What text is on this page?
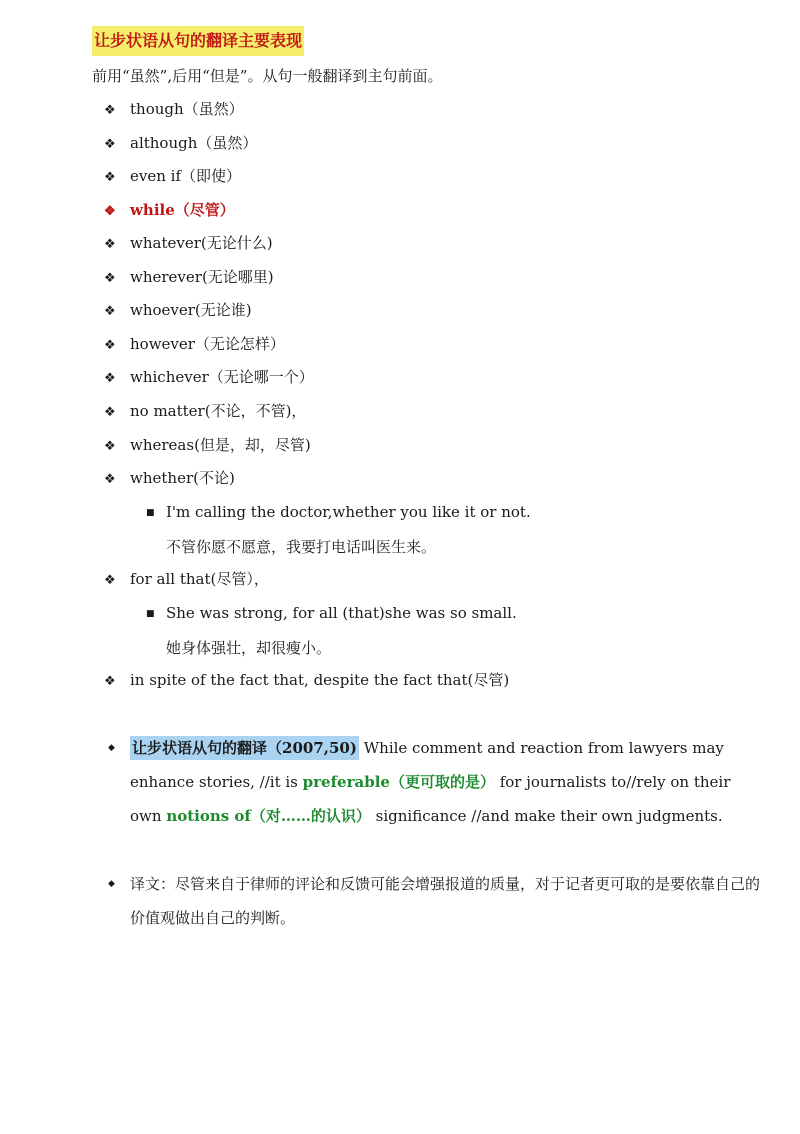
让步状语从句的翻译主要表现
前用“虽然”,后用“但是”。从句一般翻译到主句前面。
❖ though（虽然）
❖ although（虽然）
❖ even if（即使）
❖ while（尽管）
❖ whatever(无论什么)
❖ wherever(无论哪里)
❖ whoever(无论谁)
❖ however（无论怎样）
❖ whichever（无论哪一个）
❖ no matter(不论，不管)，
❖ whereas(但是，却，尽管)
❖ whether(不论)
■ I'm calling the doctor,whether you like it or not.
不管你愿不愿意，我要打电话叫医生来。
❖ for all that(尽管），
■ She was strong, for all (that)she was so small.
她身体强壮，却很瘦小。
❖ in spite of the fact that, despite the fact that(尽管)
◆ 让步状语从句的翻译（2007,50) While comment and reaction from lawyers may enhance stories, //it is preferable（更可取的是） for journalists to//rely on their own notions of（对……的认识） significance //and make their own judgments.
◆ 译文：尽管来自于律师的评论和反馈可能会增强报道的质量，对于记者更可取的是要依靠自己的价值观做出自己的判断。
